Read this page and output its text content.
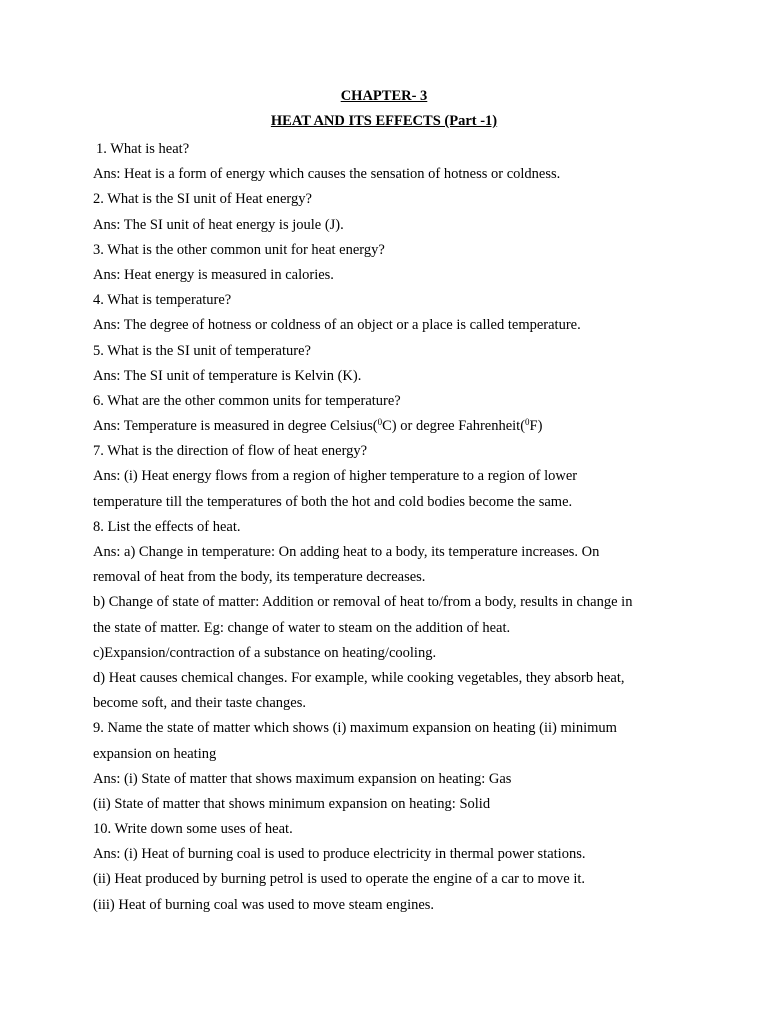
CHAPTER- 3
HEAT AND ITS EFFECTS (Part -1)
1. What is heat?
Ans: Heat is a form of energy which causes the sensation of hotness or coldness.
2. What is the SI unit of Heat energy?
Ans: The SI unit of heat energy is joule (J).
3. What is the other common unit for heat energy?
Ans: Heat energy is measured in calories.
4. What is temperature?
Ans: The degree of hotness or coldness of an object or a place is called temperature.
5. What is the SI unit of temperature?
Ans: The SI unit of temperature is Kelvin (K).
6. What are the other common units for temperature?
Ans: Temperature is measured in degree Celsius($^0$C) or degree Fahrenheit($^0$F)
7. What is the direction of flow of heat energy?
Ans: (i) Heat energy flows from a region of higher temperature to a region of lower
temperature till the temperatures of both the hot and cold bodies become the same.
8. List the effects of heat.
Ans: a) Change in temperature: On adding heat to a body, its temperature increases. On
removal of heat from the body, its temperature decreases.
b) Change of state of matter: Addition or removal of heat to/from a body, results in change in
the state of matter. Eg: change of water to steam on the addition of heat.
c)Expansion/contraction of a substance on heating/cooling.
d) Heat causes chemical changes. For example, while cooking vegetables, they absorb heat,
become soft, and their taste changes.
9. Name the state of matter which shows (i) maximum expansion on heating (ii) minimum
expansion on heating
Ans: (i) State of matter that shows maximum expansion on heating: Gas
(ii) State of matter that shows minimum expansion on heating: Solid
10. Write down some uses of heat.
Ans: (i) Heat of burning coal is used to produce electricity in thermal power stations.
(ii) Heat produced by burning petrol is used to operate the engine of a car to move it.
(iii) Heat of burning coal was used to move steam engines.
